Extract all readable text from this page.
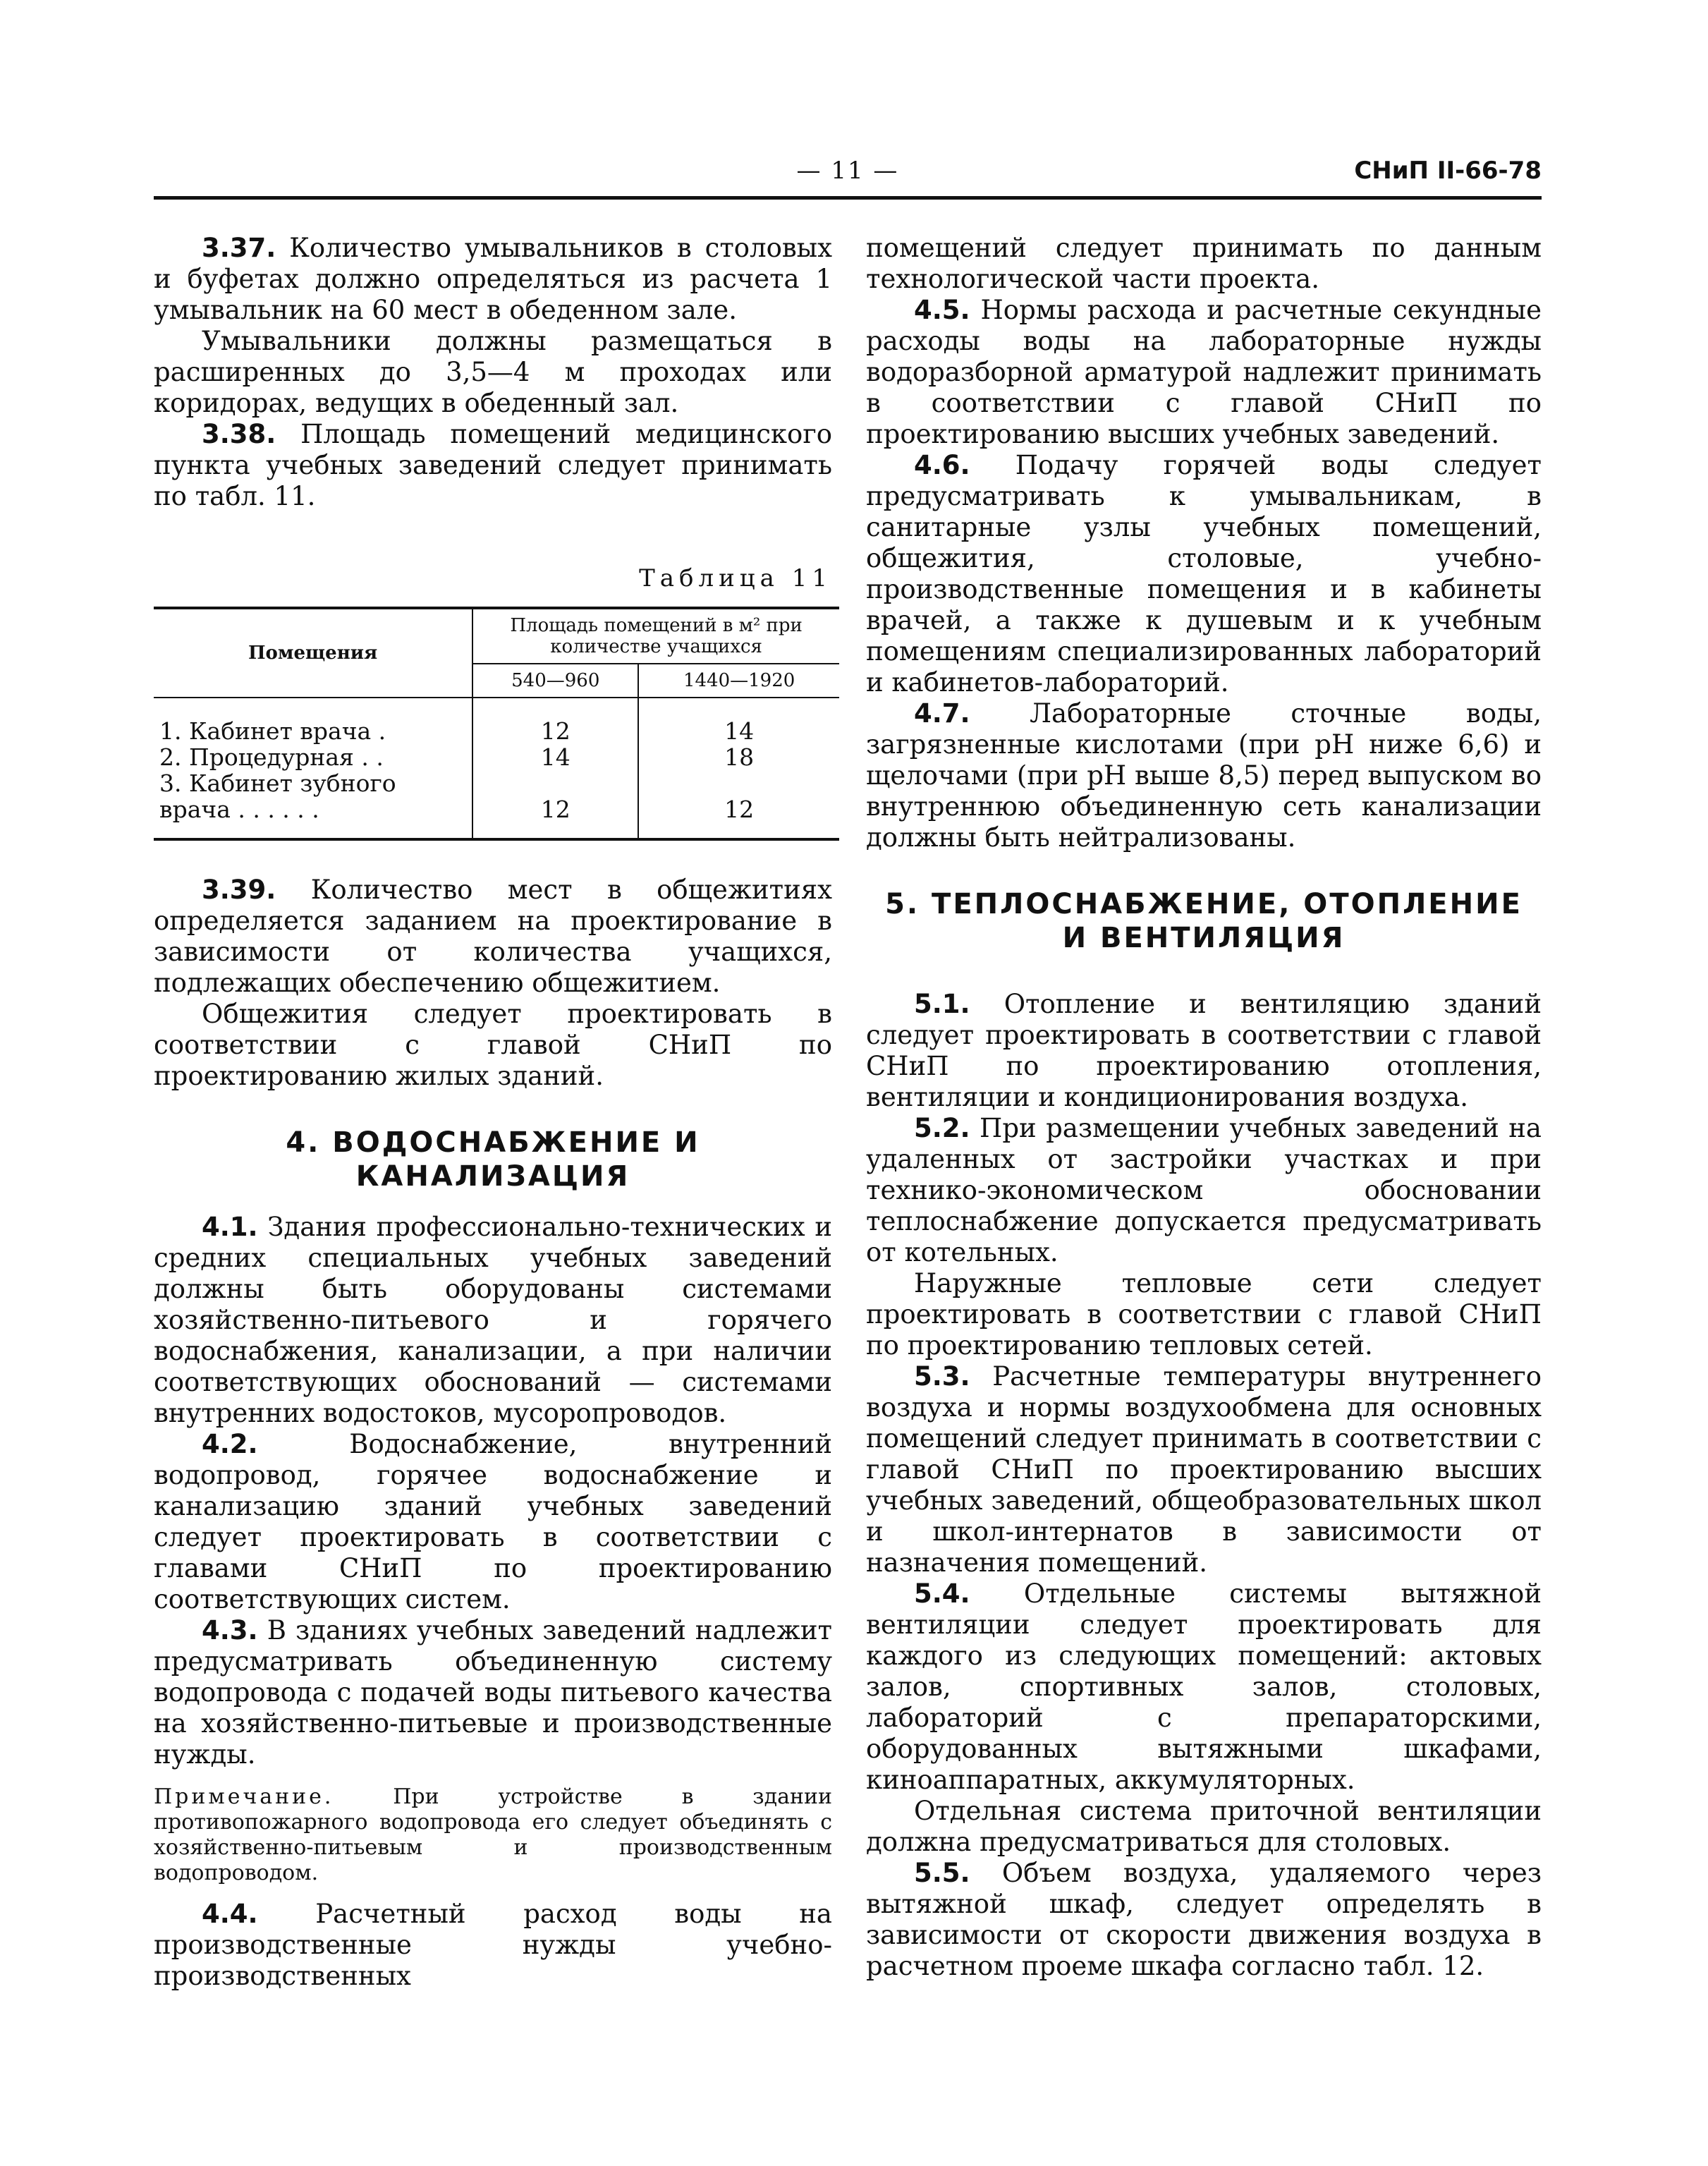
— 11 —	СНиП II-66-78

3.37. Количество умывальников в столовых и буфетах должно определяться из расчета 1 умывальник на 60 мест в обеденном зале.

Умывальники должны размещаться в расширенных до 3,5—4 м проходах или коридорах, ведущих в обеденный зал.

3.38. Площадь помещений медицинского пункта учебных заведений следует принимать по табл. 11.

Таблица 11
Помещения	Площадь помещений в м² при количестве учащихся	
	540—960	1440—1920
1. Кабинет врача .	12	14
2. Процедурная . .	14	18
3. Кабинет зубного врача . . . . . .	12	12

3.39. Количество мест в общежитиях определяется заданием на проектирование в зависимости от количества учащихся, подлежащих обеспечению общежитием.

Общежития следует проектировать в соответствии с главой СНиП по проектированию жилых зданий.

4. ВОДОСНАБЖЕНИЕ И КАНАЛИЗАЦИЯ

4.1. Здания профессионально-технических и средних специальных учебных заведений должны быть оборудованы системами хозяйственно-питьевого и горячего водоснабжения, канализации, а при наличии соответствующих обоснований — системами внутренних водостоков, мусоропроводов.

4.2.	Водоснабжение, внутренний водопровод, горячее водоснабжение и канализацию зданий учебных заведений следует проектировать в соответствии с главами СНиП по проектированию соответствующих систем.

4.3. В зданиях учебных заведений надлежит предусматривать объединенную систему водопровода с подачей воды питьевого качества на хозяйственно-питьевые и производственные нужды.

Примечание.	При устройстве в здании противопожарного водопровода его следует объединять с хозяйственно-питьевым и производственным водопроводом.

4.4. Расчетный расход воды на производственные нужды учебно-производственных

помещений следует принимать по данным технологической части проекта.

4.5. Нормы расхода и расчетные секундные расходы воды на лабораторные нужды водоразборной арматурой надлежит принимать в соответствии с главой СНиП по проектированию высших учебных заведений.

4.6. Подачу горячей воды следует предусматривать к умывальникам, в санитарные узлы учебных помещений, общежития, столовые, учебно-производственные помещения и в кабинеты врачей, а также к душевым и к учебным помещениям специализированных лабораторий и кабинетов-лабораторий.

4.7. Лабораторные сточные воды, загрязненные кислотами (при pH ниже 6,6) и щелочами (при pH выше 8,5) перед выпуском во внутреннюю объединенную сеть канализации должны быть нейтрализованы.

5. ТЕПЛОСНАБЖЕНИЕ, ОТОПЛЕНИЕ
И ВЕНТИЛЯЦИЯ

5.1. Отопление и вентиляцию зданий следует проектировать в соответствии с главой СНиП по проектированию отопления, вентиляции и кондиционирования воздуха.

5.2. При размещении учебных заведений на удаленных от застройки участках и при технико-экономическом обосновании теплоснабжение допускается предусматривать от котельных.

Наружные тепловые сети следует проектировать в соответствии с главой СНиП по проектированию тепловых сетей.

5.3. Расчетные температуры внутреннего воздуха и нормы воздухообмена для основных помещений следует принимать в соответствии с главой СНиП по проектированию высших учебных заведений, общеобразовательных школ и школ-интернатов в зависимости от назначения помещений.

5.4. Отдельные системы вытяжной вентиляции следует проектировать для каждого из следующих помещений: актовых залов, спортивных залов, столовых, лабораторий с препараторскими, оборудованных вытяжными шкафами, киноаппаратных, аккумуляторных.

Отдельная система приточной вентиляции должна предусматриваться для столовых.

5.5. Объем воздуха, удаляемого через вытяжной шкаф, следует определять в зависимости от скорости движения воздуха в расчетном проеме шкафа согласно табл. 12.
